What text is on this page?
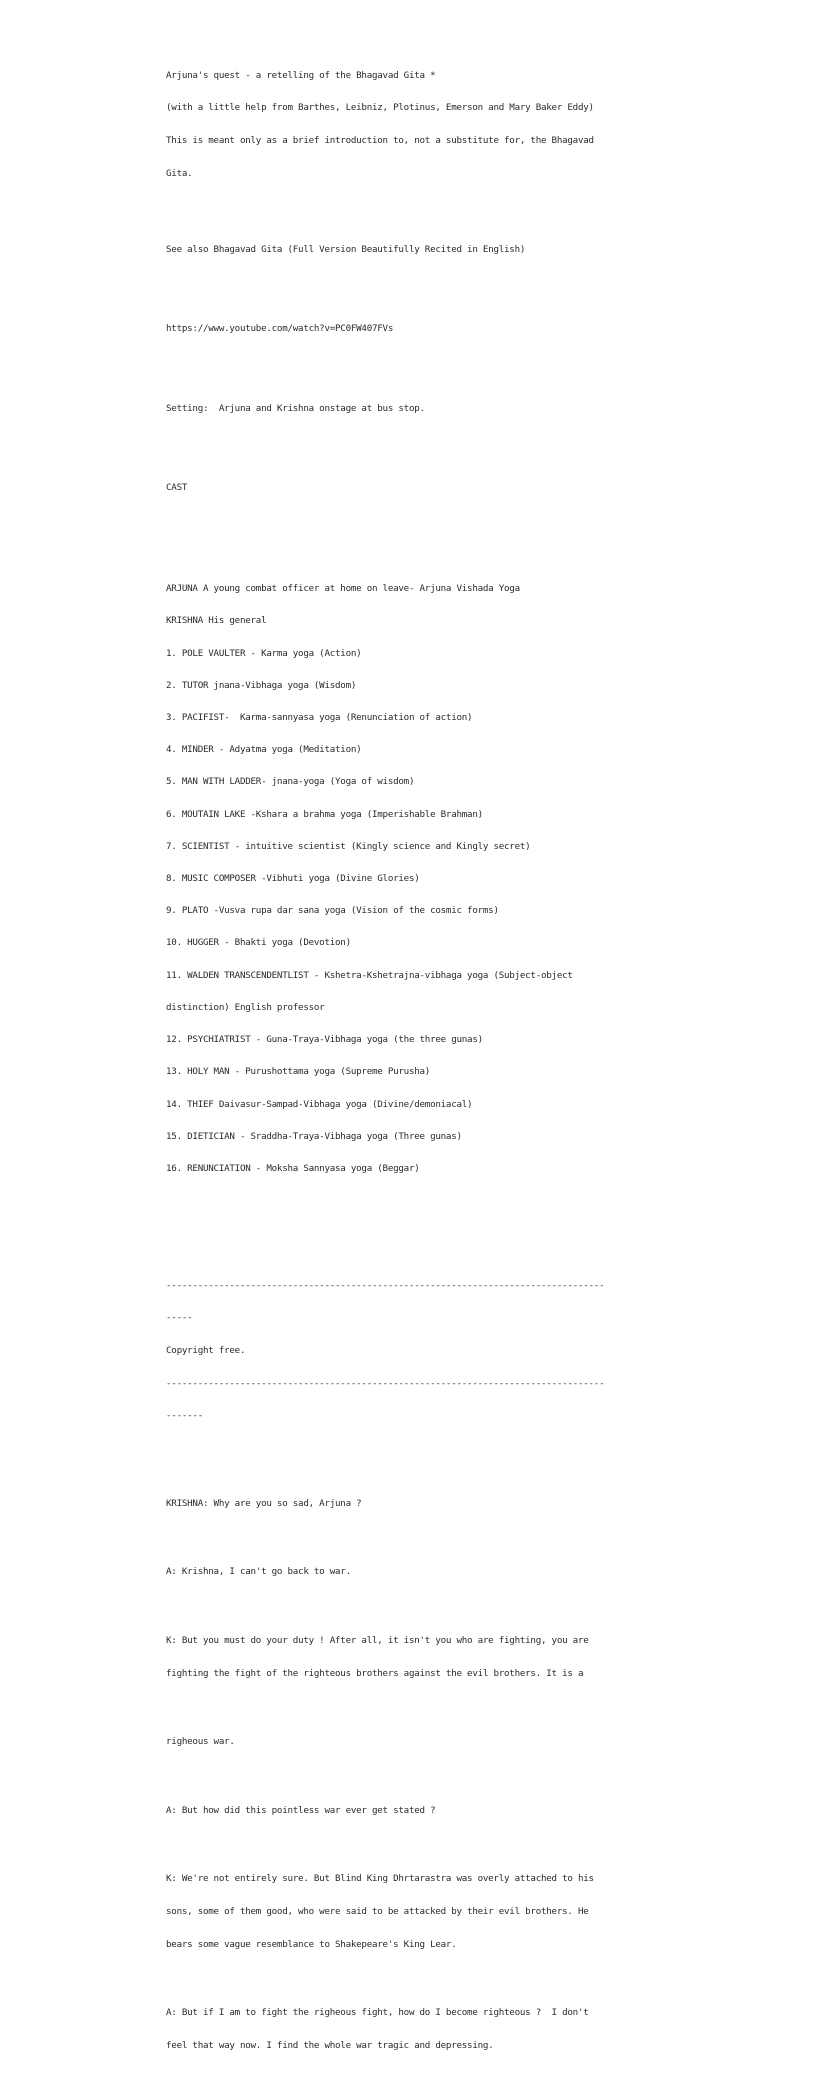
Arjuna's quest - a retelling of the Bhagavad Gita *

(with a little help from Barthes, Leibniz, Plotinus, Emerson and Mary Baker Eddy)

This is meant only as a brief introduction to, not a substitute for, the Bhagavad

Gita.

See also Bhagavad Gita (Full Version Beautifully Recited in English)

https://www.youtube.com/watch?v=PC0FW407FVs

Setting:  Arjuna and Krishna onstage at bus stop.

CAST

ARJUNA A young combat officer at home on leave- Arjuna Vishada Yoga

KRISHNA His general

1. POLE VAULTER - Karma yoga (Action)

2. TUTOR jnana-Vibhaga yoga (Wisdom)

3. PACIFIST-  Karma-sannyasa yoga (Renunciation of action)

4. MINDER - Adyatma yoga (Meditation)

5. MAN WITH LADDER- jnana-yoga (Yoga of wisdom)

6. MOUTAIN LAKE -Kshara a brahma yoga (Imperishable Brahman)

7. SCIENTIST - intuitive scientist (Kingly science and Kingly secret)

8. MUSIC COMPOSER -Vibhuti yoga (Divine Glories)

9. PLATO -Vusva rupa dar sana yoga (Vision of the cosmic forms)

10. HUGGER - Bhakti yoga (Devotion)

11. WALDEN TRANSCENDENTLIST - Kshetra-Kshetrajna-vibhaga yoga (Subject-object

distinction) English professor

12. PSYCHIATRIST - Guna-Traya-Vibhaga yoga (the three gunas)

13. HOLY MAN - Purushottama yoga (Supreme Purusha)

14. THIEF Daivasur-Sampad-Vibhaga yoga (Divine/demoniacal)

15. DIETICIAN - Sraddha-Traya-Vibhaga yoga (Three gunas)

16. RENUNCIATION - Moksha Sannyasa yoga (Beggar)

-----------------------------------------------------------------------------------

-----

Copyright free.

-----------------------------------------------------------------------------------

-------

KRISHNA: Why are you so sad, Arjuna ?

A: Krishna, I can't go back to war.

K: But you must do your duty ! After all, it isn't you who are fighting, you are

fighting the fight of the righteous brothers against the evil brothers. It is a

righeous war.

A: But how did this pointless war ever get stated ?

K: We're not entirely sure. But Blind King Dhrtarastra was overly attached to his

sons, some of them good, who were said to be attacked by their evil brothers. He

bears some vague resemblance to Shakepeare's King Lear.

A: But if I am to fight the righeous fight, how do I become righteous ?  I don't

feel that way now. I find the whole war tragic and depressing.
